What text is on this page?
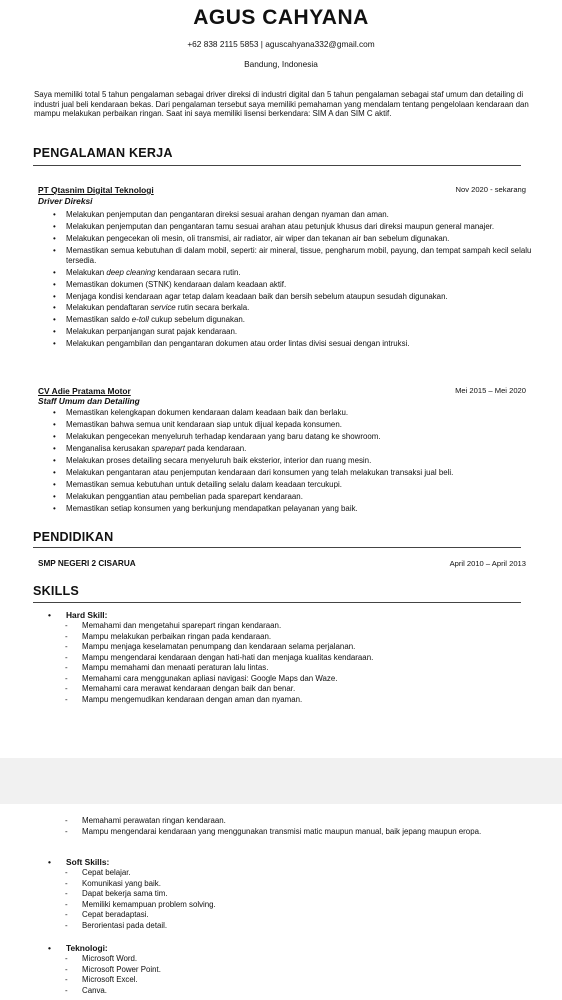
AGUS CAHYANA
+62 838 2115 5853 | aguscahyana332@gmail.com
Bandung, Indonesia

Saya memiliki total 5 tahun pengalaman sebagai driver direksi di industri digital dan 5 tahun pengalaman sebagai staf umum dan detailing di industri jual beli kendaraan bekas. Dari pengalaman tersebut saya memiliki pemahaman yang mendalam tentang pengelolaan kendaraan dan mampu melakukan perbaikan ringan. Saat ini saya memiliki lisensi berkendara: SIM A dan SIM C aktif.

PENGALAMAN KERJA
PT Qtasnim Digital Teknologi	Nov 2020 - sekarang
Driver Direksi
• Melakukan penjemputan dan pengantaran direksi sesuai arahan dengan nyaman dan aman.
• Melakukan penjemputan dan pengantaran tamu sesuai arahan atau petunjuk khusus dari direksi maupun general manajer.
• Melakukan pengecekan oli mesin, oli transmisi, air radiator, air wiper dan tekanan air ban sebelum digunakan.
• Memastikan semua kebutuhan di dalam mobil, seperti: air mineral, tissue, pengharum mobil, payung, dan tempat sampah kecil selalu tersedia.
• Melakukan deep cleaning kendaraan secara rutin.
• Memastikan dokumen (STNK) kendaraan dalam keadaan aktif.
• Menjaga kondisi kendaraan agar tetap dalam keadaan baik dan bersih sebelum ataupun sesudah digunakan.
• Melakukan pendaftaran service rutin secara berkala.
• Memastikan saldo e-toll cukup sebelum digunakan.
• Melakukan perpanjangan surat pajak kendaraan.
• Melakukan pengambilan dan pengantaran dokumen atau order lintas divisi sesuai dengan intruksi.
CV Adie Pratama Motor	Mei 2015 – Mei 2020
Staff Umum dan Detailing
• Memastikan kelengkapan dokumen kendaraan dalam keadaan baik dan berlaku.
• Memastikan bahwa semua unit kendaraan siap untuk dijual kepada konsumen.
• Melakukan pengecekan menyeluruh terhadap kendaraan yang baru datang ke showroom.
• Menganalisa kerusakan sparepart pada kendaraan.
• Melakukan proses detailing secara menyeluruh baik eksterior, interior dan ruang mesin.
• Melakukan pengantaran atau penjemputan kendaraan dari konsumen yang telah melakukan transaksi jual beli.
• Memastikan semua kebutuhan untuk detailing selalu dalam keadaan tercukupi.
• Melakukan penggantian atau pembelian pada sparepart kendaraan.
• Memastikan setiap konsumen yang berkunjung mendapatkan pelayanan yang baik.
PENDIDIKAN
SMP NEGERI 2 CISARUA	April 2010 – April 2013
SKILLS
• Hard Skill:
- Memahami dan mengetahui sparepart ringan kendaraan.
- Mampu melakukan perbaikan ringan pada kendaraan.
- Mampu menjaga keselamatan penumpang dan kendaraan selama perjalanan.
- Mampu mengendarai kendaraan dengan hati-hati dan menjaga kualitas kendaraan.
- Mampu memahami dan menaati peraturan lalu lintas.
- Memahami cara menggunakan apliasi navigasi: Google Maps dan Waze.
- Memahami cara merawat kendaraan dengan baik dan benar.
- Mampu mengemudikan kendaraan dengan aman dan nyaman.
- Memahami perawatan ringan kendaraan.
- Mampu mengendarai kendaraan yang menggunakan transmisi matic maupun manual, baik jepang maupun eropa.
• Soft Skills:
- Cepat belajar.
- Komunikasi yang baik.
- Dapat bekerja sama tim.
- Memiliki kemampuan problem solving.
- Cepat beradaptasi.
- Berorientasi pada detail.
• Teknologi:
- Microsoft Word.
- Microsoft Power Point.
- Microsoft Excel.
- Canva.
